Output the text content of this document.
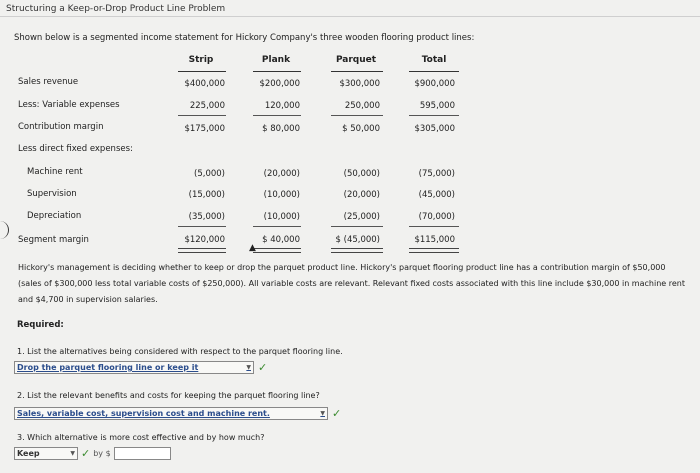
Structuring a Keep-or-Drop Product Line Problem
Shown below is a segmented income statement for Hickory Company's three wooden flooring product lines:
Strip	Plank	Parquet	Total
Sales revenue	$400,000	$200,000	$300,000	$900,000
Less: Variable expenses	225,000	120,000	250,000	595,000
Contribution margin	$175,000	$ 80,000	$ 50,000	$305,000
Less direct fixed expenses:
Machine rent	(5,000)	(20,000)	(50,000)	(75,000)
Supervision	(15,000)	(10,000)	(20,000)	(45,000)
Depreciation	(35,000)	(10,000)	(25,000)	(70,000)
Segment margin	$120,000	$ 40,000	$ (45,000)	$115,000
▲
Hickory's management is deciding whether to keep or drop the parquet product line. Hickory's parquet flooring product line has a contribution margin of $50,000 (sales of $300,000 less total variable costs of $250,000). All variable costs are relevant. Relevant fixed costs associated with this line include $30,000 in machine rent and $4,700 in supervision salaries.
Required:
1. List the alternatives being considered with respect to the parquet flooring line.
Drop the parquet flooring line or keep it	▼ ✓
2. List the relevant benefits and costs for keeping the parquet flooring line?
Sales, variable cost, supervision cost and machine rent.	▼ ✓
3. Which alternative is more cost effective and by how much?
Keep	▼ ✓ by $
